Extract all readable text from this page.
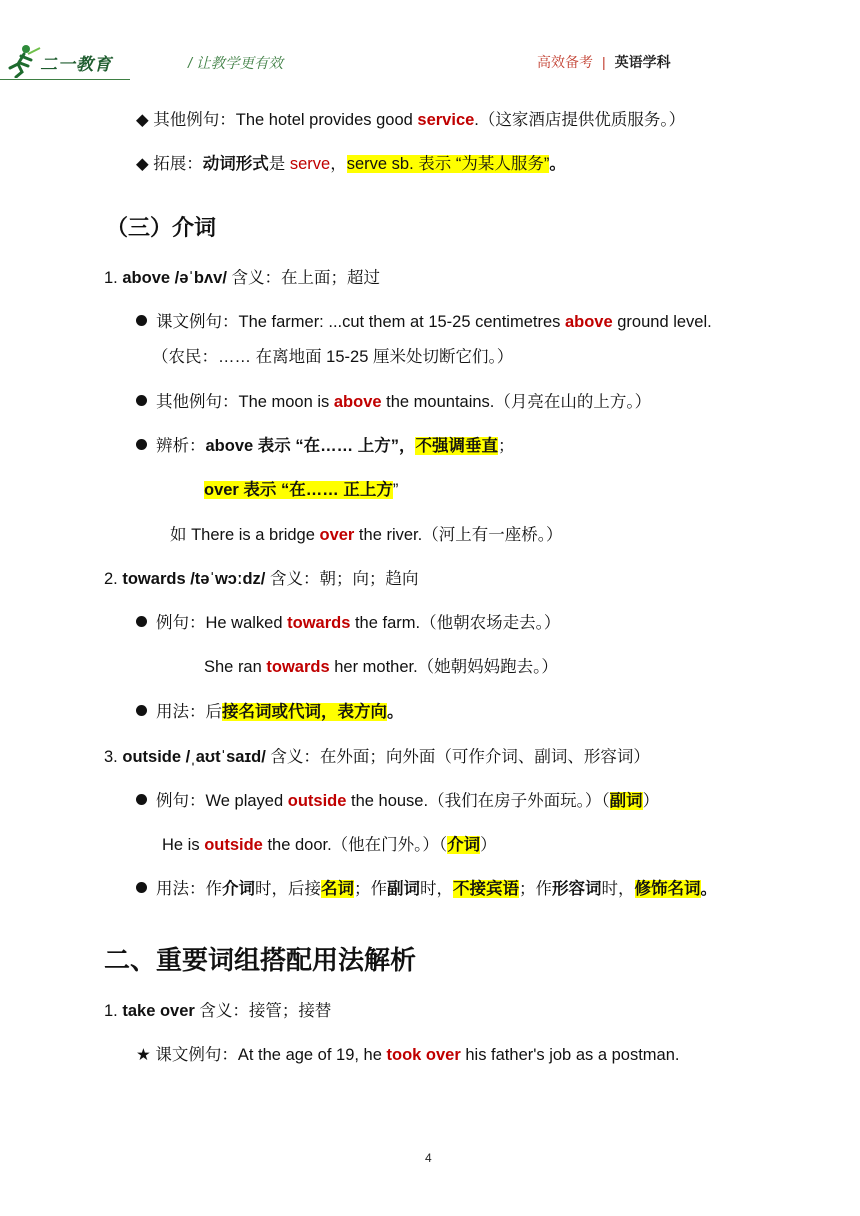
二一教育	/ 让教学更有效	高效备考 | 英语学科
◆ 其他例句：The hotel provides good service.（这家酒店提供优质服务。）
◆ 拓展：动词形式是 serve，serve sb. 表示 “为某人服务”。
（三）介词
1. above /əˈbʌv/ 含义：在上面；超过
课文例句：The farmer: ...cut them at 15-25 centimetres above ground level.
（农民：…… 在离地面 15-25 厘米处切断它们。）
其他例句：The moon is above the mountains.（月亮在山的上方。）
辨析：above 表示 “在…… 上方”，不强调垂直；
over 表示 “在…… 正上方”
如 There is a bridge over the river.（河上有一座桥。）
2. towards /təˈwɔːdz/ 含义：朝；向；趋向
例句：He walked towards the farm.（他朝农场走去。）
She ran towards her mother.（她朝妈妈跑去。）
用法：后接名词或代词，表方向。
3. outside /ˌaʊtˈsaɪd/ 含义：在外面；向外面（可作介词、副词、形容词）
例句：We played outside the house.（我们在房子外面玩。）（副词）
He is outside the door.（他在门外。）（介词）
用法：作介词时，后接名词；作副词时，不接宾语；作形容词时，修饰名词。
二、重要词组搭配用法解析
1. take over 含义：接管；接替
★ 课文例句：At the age of 19, he took over his father's job as a postman.
4
